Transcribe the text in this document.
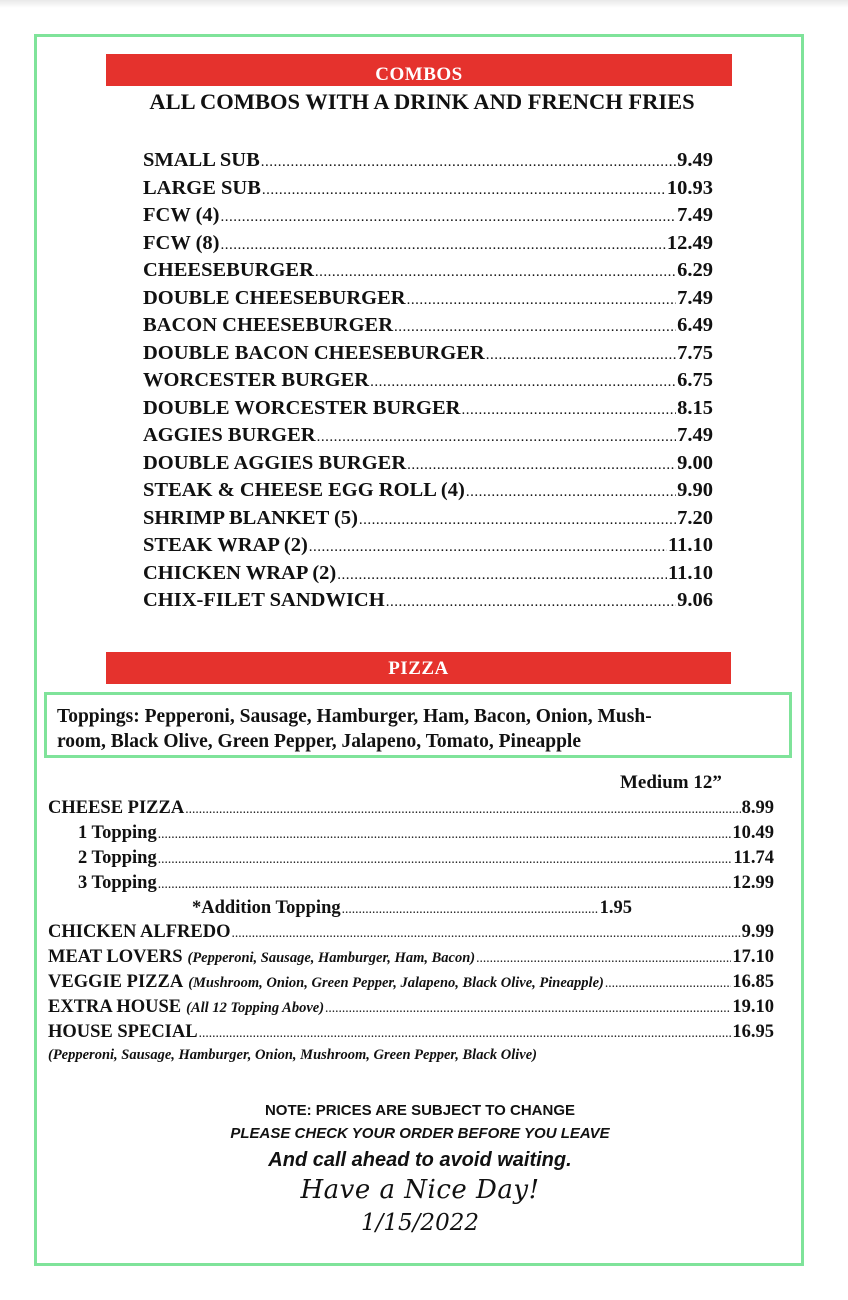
COMBOS
ALL COMBOS WITH A DRINK AND FRENCH FRIES
SMALL SUB .....	9.49
LARGE SUB .....	10.93
FCW (4) .....	7.49
FCW (8) .....	12.49
CHEESEBURGER .....	6.29
DOUBLE CHEESEBURGER .....	7.49
BACON CHEESEBURGER .....	6.49
DOUBLE BACON CHEESEBURGER .....	7.75
WORCESTER BURGER .....	6.75
DOUBLE WORCESTER BURGER .....	8.15
AGGIES BURGER .....	7.49
DOUBLE AGGIES BURGER .....	9.00
STEAK & CHEESE EGG ROLL (4) .....	9.90
SHRIMP BLANKET (5) .....	7.20
STEAK WRAP (2) .....	11.10
CHICKEN WRAP (2) .....	11.10
CHIX-FILET SANDWICH .....	9.06
PIZZA
Toppings: Pepperoni, Sausage, Hamburger, Ham, Bacon, Onion, Mush-
room, Black Olive, Green Pepper, Jalapeno, Tomato, Pineapple
Medium 12”
CHEESE PIZZA .....	8.99
1 Topping .....	10.49
2 Topping .....	11.74
3 Topping .....	12.99
*Addition Topping .....	1.95
CHICKEN ALFREDO .....	9.99
MEAT LOVERS (Pepperoni, Sausage, Hamburger, Ham, Bacon) .....	17.10
VEGGIE PIZZA (Mushroom, Onion, Green Pepper, Jalapeno, Black Olive, Pineapple) .....	16.85
EXTRA HOUSE (All 12 Topping Above) .....	19.10
HOUSE SPECIAL .....	16.95
(Pepperoni, Sausage, Hamburger, Onion, Mushroom, Green Pepper, Black Olive)
NOTE: PRICES ARE SUBJECT TO CHANGE
PLEASE CHECK YOUR ORDER BEFORE YOU LEAVE
And call ahead to avoid waiting.
Have a Nice Day!
1/15/2022
